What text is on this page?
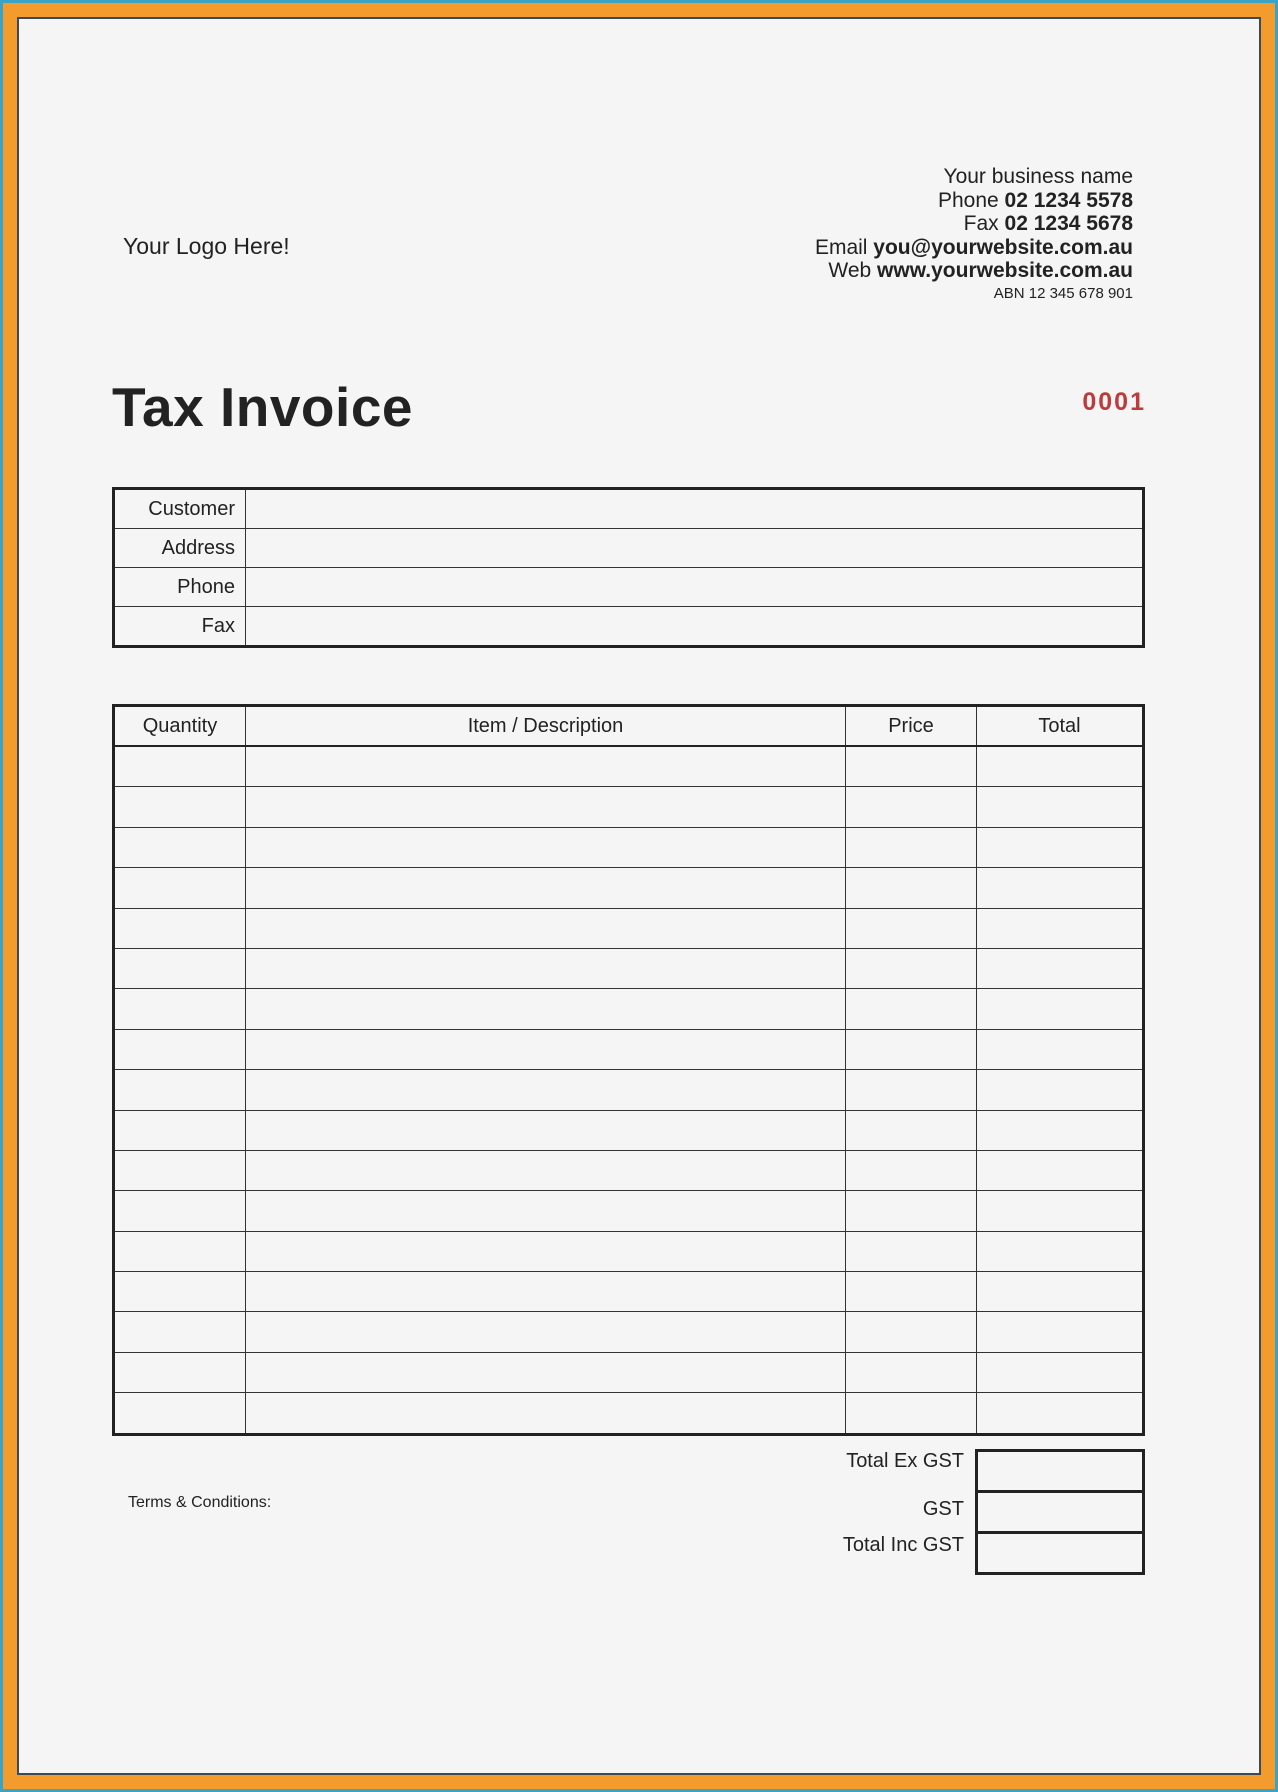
Your Logo Here!
Your business name
Phone 02 1234 5578
Fax 02 1234 5678
Email you@yourwebsite.com.au
Web www.yourwebsite.com.au
ABN 12 345 678 901
Tax Invoice	0001
Customer	
Address	
Phone	
Fax	
Quantity	Item / Description	Price	Total

Total Ex GST
GST
Total Inc GST

Terms & Conditions:
